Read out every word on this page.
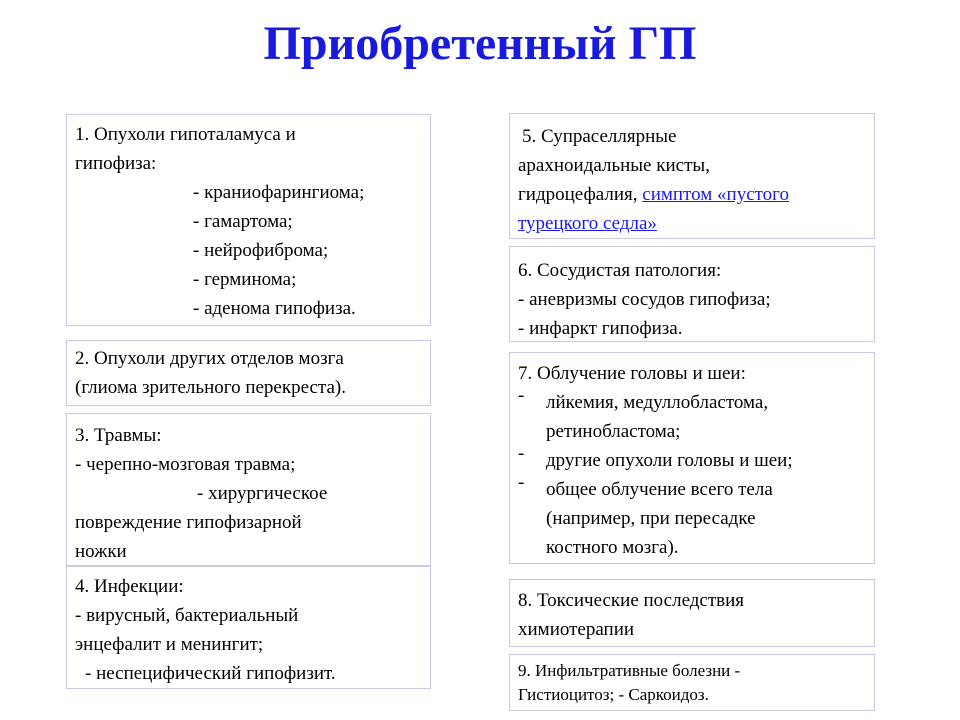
Приобретенный ГП
1. Опухоли гипоталамуса и
гипофиза:
- краниофарингиома;
- гамартома;
- нейрофиброма;
- герминома;
- аденома гипофиза.
2. Опухоли других отделов мозга
(глиома зрительного перекреста).
3. Травмы:
- черепно-мозговая травма;
- хирургическое
повреждение гипофизарной
ножки
4. Инфекции:
- вирусный, бактериальный
энцефалит и менингит;
- неспецифический гипофизит.
5. Супраселлярные
арахноидальные кисты,
гидроцефалия, симптом «пустого
турецкого седла»
6. Сосудистая патология:
- аневризмы сосудов гипофиза;
- инфаркт гипофиза.
7. Облучение головы и шеи:
- лйкемия, медуллобластома,
ретинобластома;
- другие опухоли головы и шеи;
- общее облучение всего тела
(например, при пересадке
костного мозга).
8. Токсические последствия
химиотерапии
9. Инфильтративные болезни -
Гистиоцитоз; - Саркоидоз.
